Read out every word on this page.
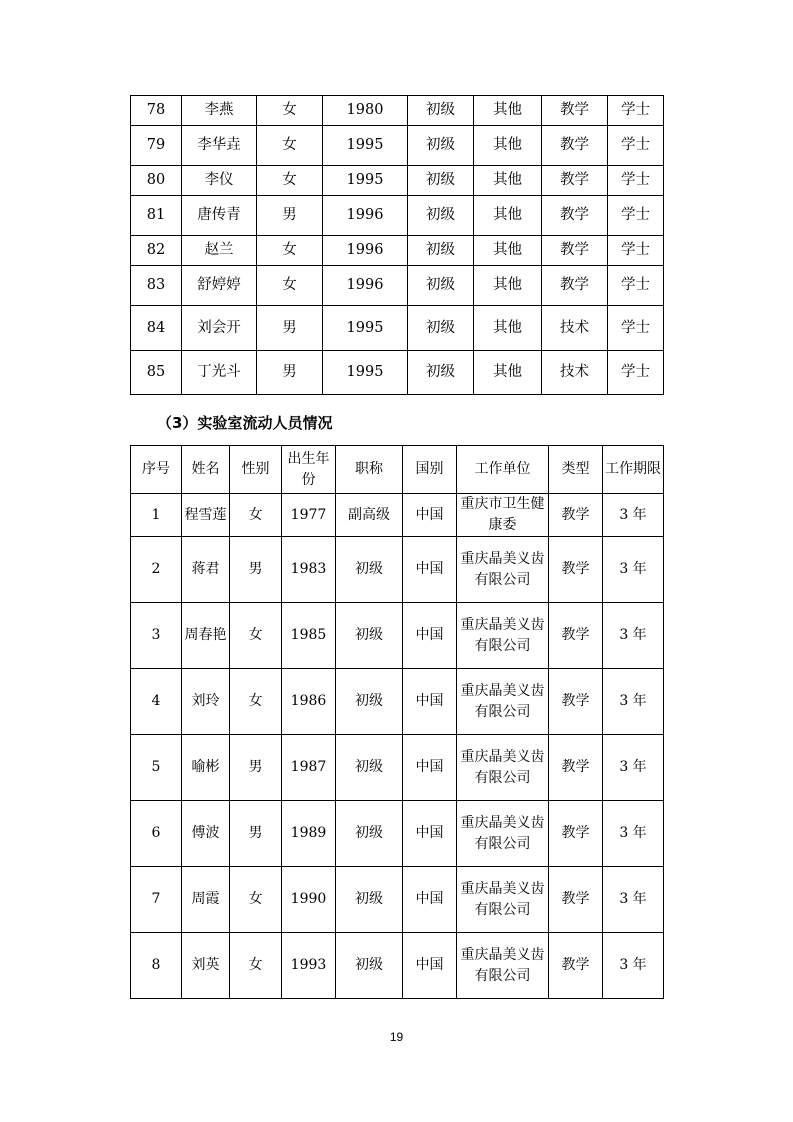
78	李燕	女	1980	初级	其他	教学	学士
79	李华垚	女	1995	初级	其他	教学	学士
80	李仪	女	1995	初级	其他	教学	学士
81	唐传青	男	1996	初级	其他	教学	学士
82	赵兰	女	1996	初级	其他	教学	学士
83	舒婷婷	女	1996	初级	其他	教学	学士
84	刘会开	男	1995	初级	其他	技术	学士
85	丁光斗	男	1995	初级	其他	技术	学士

（3）实验室流动人员情况

序号	姓名	性别	出生年份	职称	国别	工作单位	类型	工作期限
1	程雪莲	女	1977	副高级	中国	重庆市卫生健康委	教学	3 年
2	蒋君	男	1983	初级	中国	重庆晶美义齿有限公司	教学	3 年
3	周春艳	女	1985	初级	中国	重庆晶美义齿有限公司	教学	3 年
4	刘玲	女	1986	初级	中国	重庆晶美义齿有限公司	教学	3 年
5	喻彬	男	1987	初级	中国	重庆晶美义齿有限公司	教学	3 年
6	傅波	男	1989	初级	中国	重庆晶美义齿有限公司	教学	3 年
7	周霞	女	1990	初级	中国	重庆晶美义齿有限公司	教学	3 年
8	刘英	女	1993	初级	中国	重庆晶美义齿有限公司	教学	3 年
19
